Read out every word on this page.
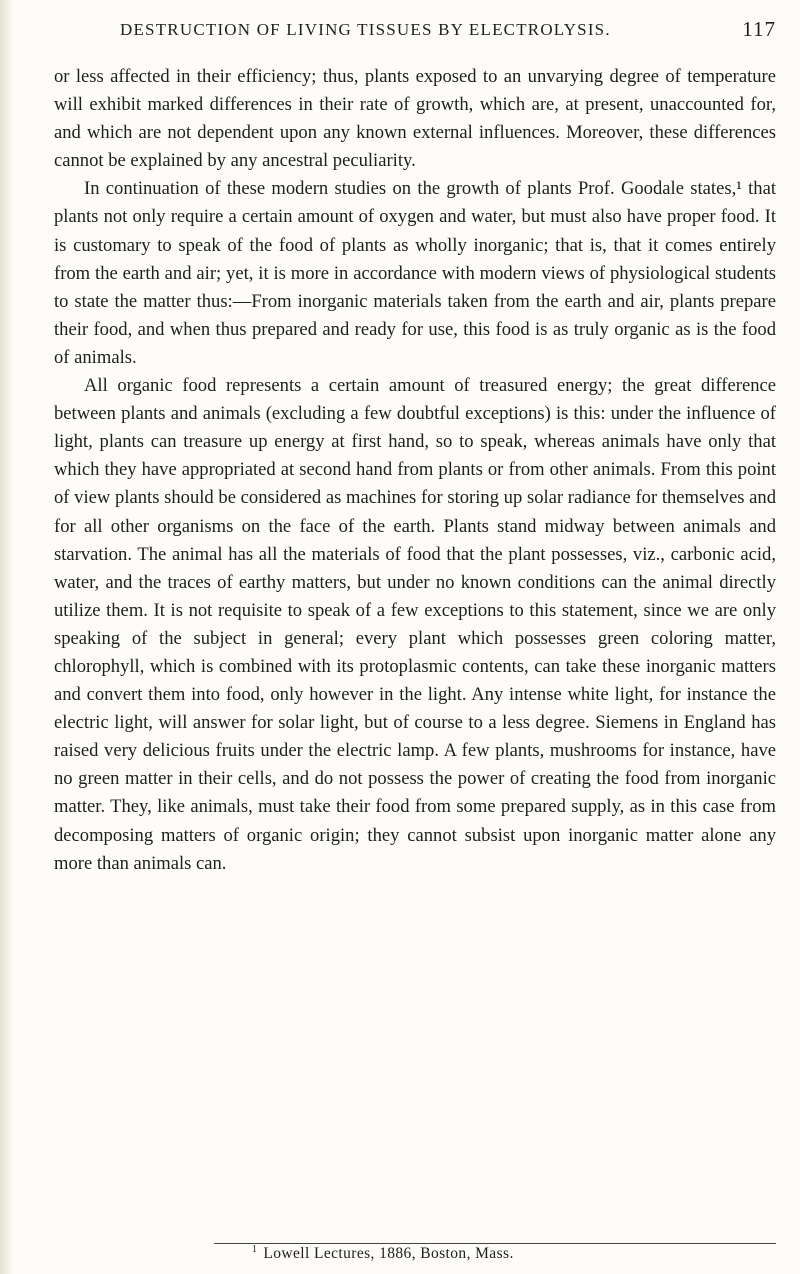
DESTRUCTION OF LIVING TISSUES BY ELECTROLYSIS.	117

or less affected in their efficiency; thus, plants exposed to an unvarying degree of temperature will exhibit marked differences in their rate of growth, which are, at present, unaccounted for, and which are not dependent upon any known external influences. Moreover, these differences cannot be explained by any ancestral peculiarity.

In continuation of these modern studies on the growth of plants Prof. Goodale states,¹ that plants not only require a certain amount of oxygen and water, but must also have proper food. It is customary to speak of the food of plants as wholly inorganic; that is, that it comes entirely from the earth and air; yet, it is more in accordance with modern views of physiological students to state the matter thus:—From inorganic materials taken from the earth and air, plants prepare their food, and when thus prepared and ready for use, this food is as truly organic as is the food of animals.

All organic food represents a certain amount of treasured energy; the great difference between plants and animals (excluding a few doubtful exceptions) is this: under the influence of light, plants can treasure up energy at first hand, so to speak, whereas animals have only that which they have appropriated at second hand from plants or from other animals. From this point of view plants should be considered as machines for storing up solar radiance for themselves and for all other organisms on the face of the earth. Plants stand midway between animals and starvation. The animal has all the materials of food that the plant possesses, viz., carbonic acid, water, and the traces of earthy matters, but under no known conditions can the animal directly utilize them. It is not requisite to speak of a few exceptions to this statement, since we are only speaking of the subject in general; every plant which possesses green coloring matter, chlorophyll, which is combined with its protoplasmic contents, can take these inorganic matters and convert them into food, only however in the light. Any intense white light, for instance the electric light, will answer for solar light, but of course to a less degree. Siemens in England has raised very delicious fruits under the electric lamp. A few plants, mushrooms for instance, have no green matter in their cells, and do not possess the power of creating the food from inorganic matter. They, like animals, must take their food from some prepared supply, as in this case from decomposing matters of organic origin; they cannot subsist upon inorganic matter alone any more than animals can.

$^1$ Lowell Lectures, 1886, Boston, Mass.
